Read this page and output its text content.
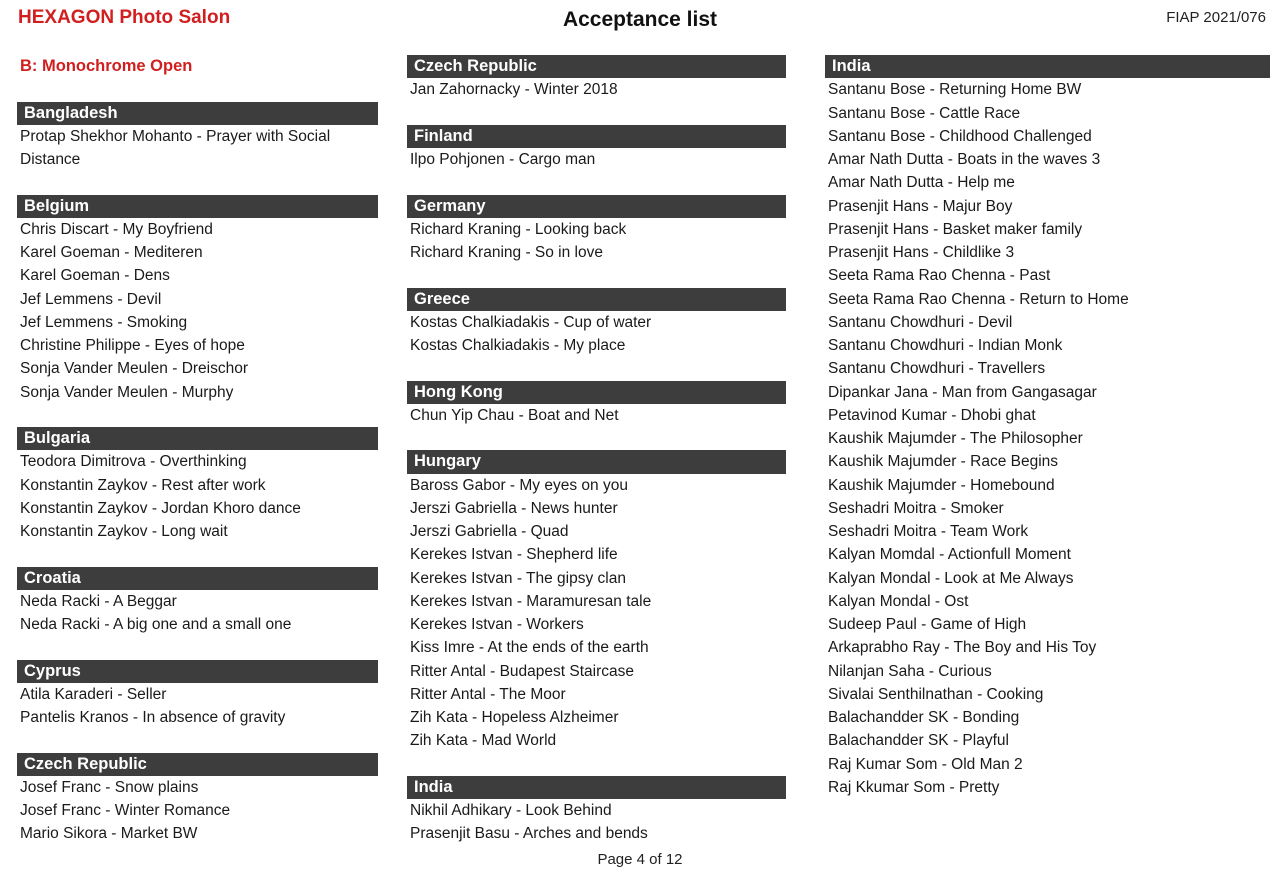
HEXAGON Photo Salon	Acceptance list	FIAP 2021/076
B: Monochrome Open
Bangladesh
Protap Shekhor Mohanto - Prayer with Social
Distance
Belgium
Chris Discart - My Boyfriend
Karel Goeman - Mediteren
Karel Goeman - Dens
Jef Lemmens - Devil
Jef Lemmens - Smoking
Christine Philippe - Eyes of hope
Sonja Vander Meulen - Dreischor
Sonja Vander Meulen - Murphy
Bulgaria
Teodora Dimitrova - Overthinking
Konstantin Zaykov - Rest after work
Konstantin Zaykov - Jordan Khoro dance
Konstantin Zaykov - Long wait
Croatia
Neda Racki - A Beggar
Neda Racki - A big one and a small one
Cyprus
Atila Karaderi - Seller
Pantelis Kranos - In absence of gravity
Czech Republic
Josef Franc - Snow plains
Josef Franc - Winter Romance
Mario Sikora - Market BW
Czech Republic
Jan Zahornacky - Winter 2018
Finland
Ilpo Pohjonen - Cargo man
Germany
Richard Kraning - Looking back
Richard Kraning - So in love
Greece
Kostas Chalkiadakis - Cup of water
Kostas Chalkiadakis - My place
Hong Kong
Chun Yip Chau - Boat and Net
Hungary
Baross Gabor - My eyes on you
Jerszi Gabriella - News hunter
Jerszi Gabriella - Quad
Kerekes Istvan - Shepherd life
Kerekes Istvan - The gipsy clan
Kerekes Istvan - Maramuresan tale
Kerekes Istvan - Workers
Kiss Imre - At the ends of the earth
Ritter Antal - Budapest Staircase
Ritter Antal - The Moor
Zih Kata - Hopeless Alzheimer
Zih Kata - Mad World
India
Nikhil Adhikary - Look Behind
Prasenjit Basu - Arches and bends
India
Santanu Bose - Returning Home BW
Santanu Bose - Cattle Race
Santanu Bose - Childhood Challenged
Amar Nath Dutta - Boats in the waves 3
Amar Nath Dutta - Help me
Prasenjit Hans - Majur Boy
Prasenjit Hans - Basket maker family
Prasenjit Hans - Childlike 3
Seeta Rama Rao Chenna - Past
Seeta Rama Rao Chenna - Return to Home
Santanu Chowdhuri - Devil
Santanu Chowdhuri - Indian Monk
Santanu Chowdhuri - Travellers
Dipankar Jana - Man from Gangasagar
Petavinod Kumar - Dhobi ghat
Kaushik Majumder - The Philosopher
Kaushik Majumder - Race Begins
Kaushik Majumder - Homebound
Seshadri Moitra - Smoker
Seshadri Moitra - Team Work
Kalyan Momdal - Actionfull Moment
Kalyan Mondal - Look at Me Always
Kalyan Mondal - Ost
Sudeep Paul - Game of High
Arkaprabho Ray - The Boy and His Toy
Nilanjan Saha - Curious
Sivalai Senthilnathan - Cooking
Balachandder SK - Bonding
Balachandder SK - Playful
Raj Kumar Som - Old Man 2
Raj Kkumar Som - Pretty
Page 4 of 12
